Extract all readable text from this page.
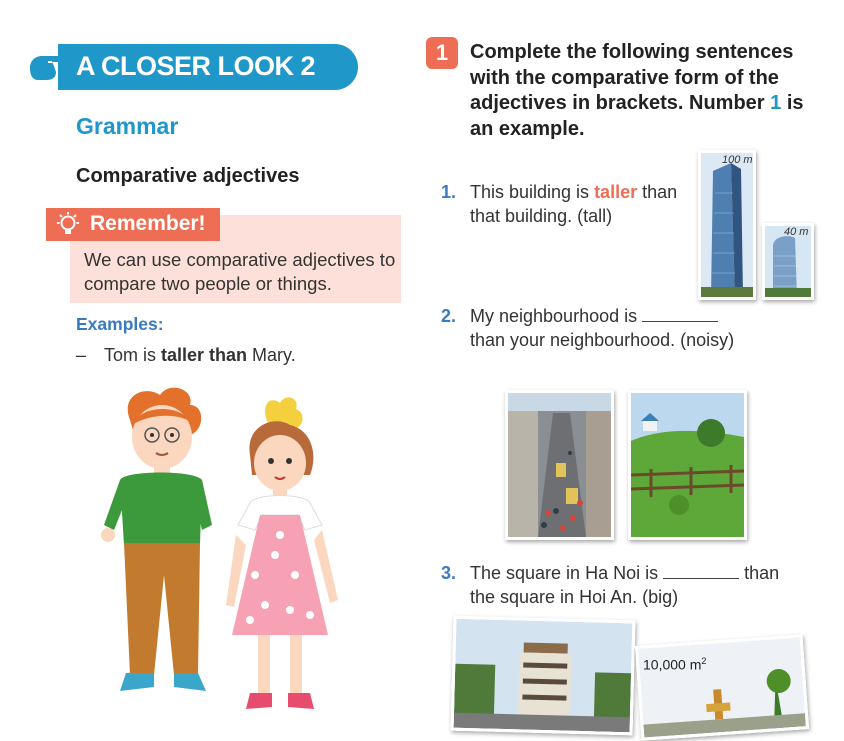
A CLOSER LOOK 2
Grammar
Comparative adjectives
Remember!
We can use comparative adjectives to compare two people or things.
Examples:
– Tom is taller than Mary.
1	Complete the following sentences with the comparative form of the adjectives in brackets. Number 1 is an example.
1. This building is taller than that building. (tall)
100 m
40 m
2. My neighbourhood is
than your neighbourhood. (noisy)
3. The square in Ha Noi is	than
the square in Hoi An. (big)
10,000 $m^2$
